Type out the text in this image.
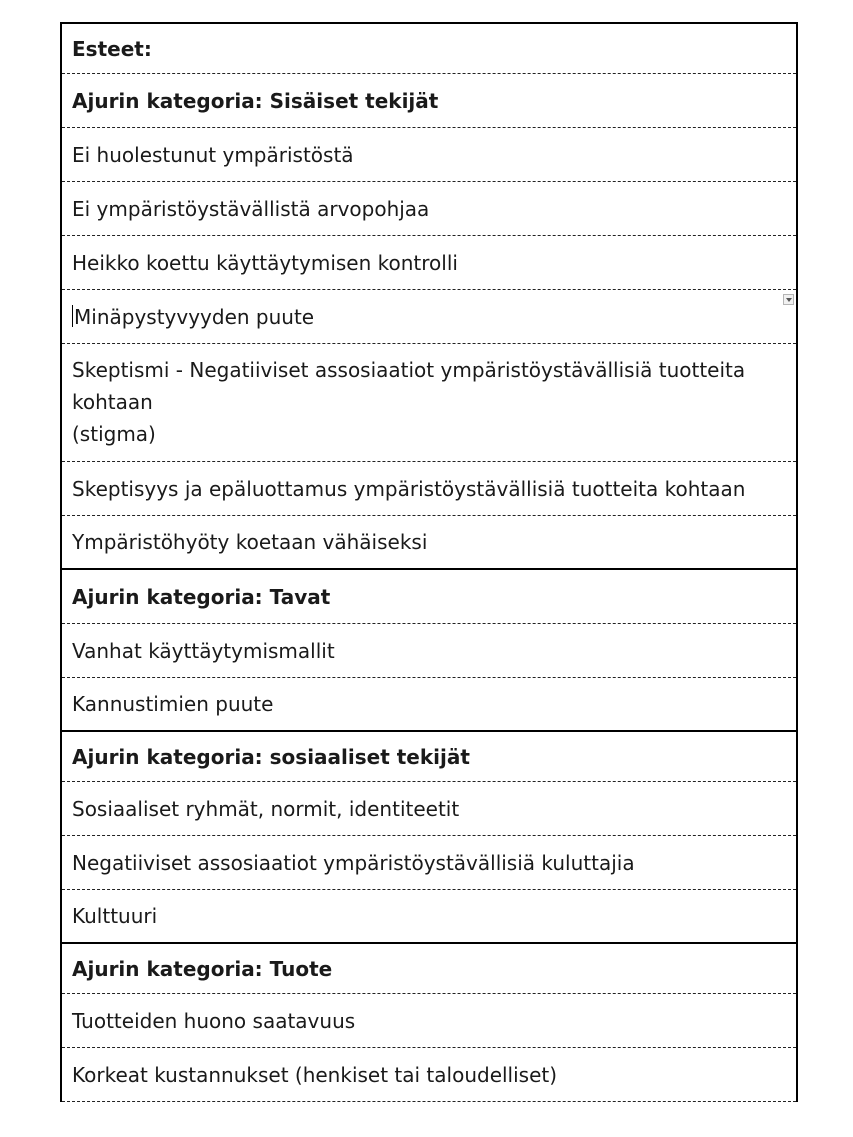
Esteet:
Ajurin kategoria: Sisäiset tekijät
Ei huolestunut ympäristöstä
Ei ympäristöystävällistä arvopohjaa
Heikko koettu käyttäytymisen kontrolli
Minäpystyvyyden puute
Skeptismi - Negatiiviset assosiaatiot ympäristöystävällisiä tuotteita
kohtaan
(stigma)
Skeptisyys ja epäluottamus ympäristöystävällisiä tuotteita kohtaan
Ympäristöhyöty koetaan vähäiseksi
Ajurin kategoria: Tavat
Vanhat käyttäytymismallit
Kannustimien puute
Ajurin kategoria: sosiaaliset tekijät
Sosiaaliset ryhmät, normit, identiteetit
Negatiiviset assosiaatiot ympäristöystävällisiä kuluttajia
Kulttuuri
Ajurin kategoria: Tuote
Tuotteiden huono saatavuus
Korkeat kustannukset (henkiset tai taloudelliset)
